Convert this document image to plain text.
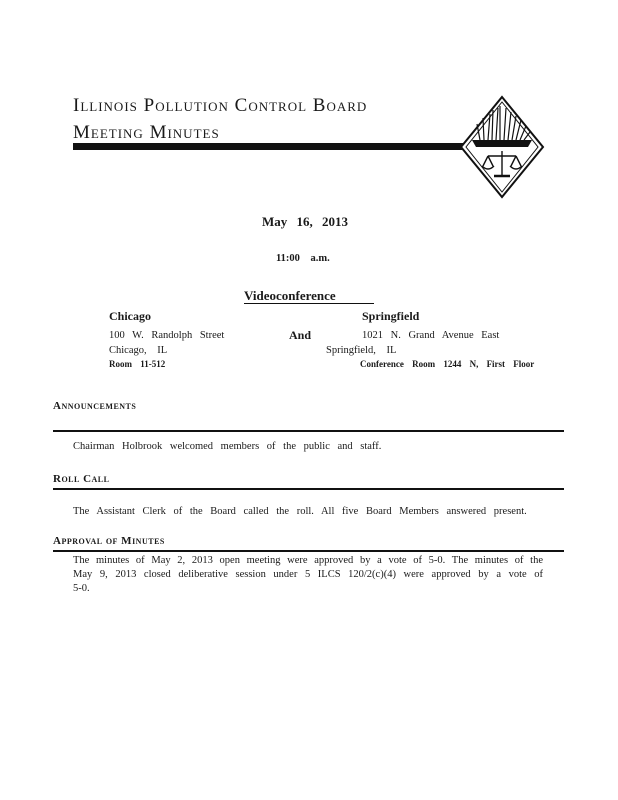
Illinois Pollution Control Board
Meeting Minutes
May 16, 2013
11:00 a.m.
Videoconference
Chicago	Springfield
100 W. Randolph Street	And	1021 N. Grand Avenue East
Chicago, IL	Springfield, IL
Room 11-512	Conference Room 1244 N, First Floor
Announcements
Chairman Holbrook welcomed members of the public and staff.
Roll Call
The Assistant Clerk of the Board called the roll. All five Board Members answered present.
Approval of Minutes
The minutes of May 2, 2013 open meeting were approved by a vote of 5-0. The minutes of the May 9, 2013 closed deliberative session under 5 ILCS 120/2(c)(4) were approved by a vote of 5-0.
